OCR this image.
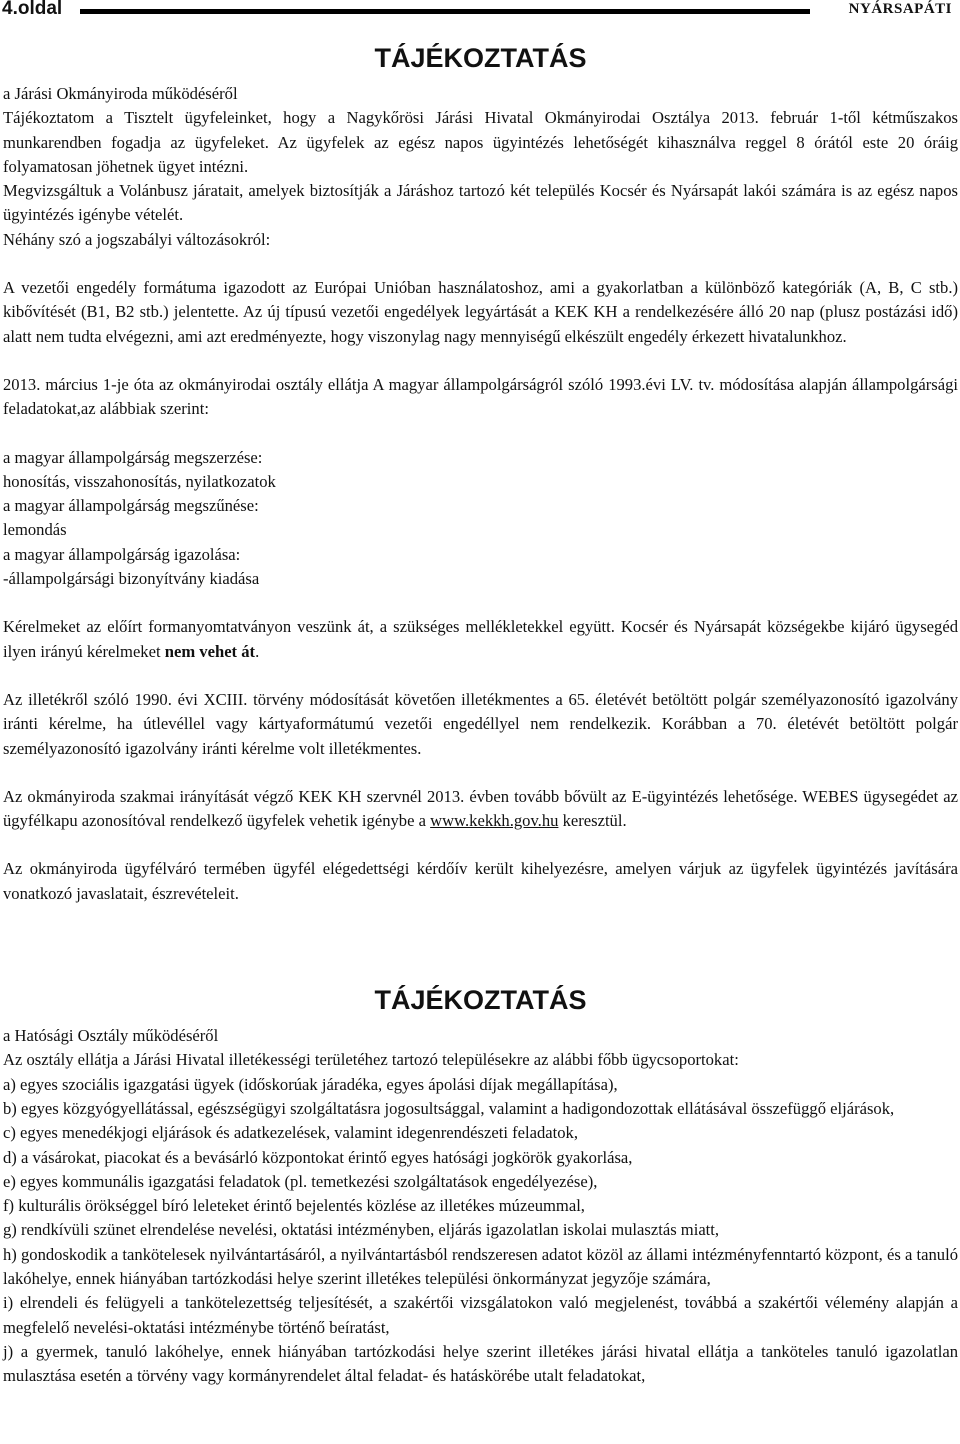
4.oldal	NYÁRSAPÁTI
TÁJÉKOZTATÁS

a Járási Okmányiroda működéséről

Tájékoztatom a Tisztelt ügyfeleinket, hogy a Nagykőrösi Járási Hivatal Okmányirodai Osztálya 2013. február 1-től kétműszakos munkarendben fogadja az ügyfeleket. Az ügyfelek az egész napos ügyintézés lehetőségét kihasználva reggel 8 órától este 20 óráig folyamatosan jöhetnek ügyet intézni.

Megvizsgáltuk a Volánbusz járatait, amelyek biztosítják a Járáshoz tartozó két település Kocsér és Nyársapát lakói számára is az egész napos ügyintézés igénybe vételét.

Néhány szó a jogszabályi változásokról:

A vezetői engedély formátuma igazodott az Európai Unióban használatoshoz, ami a gyakorlatban a különböző kategóriák (A, B, C stb.) kibővítését (B1, B2 stb.) jelentette. Az új típusú vezetői engedélyek legyártását a KEK KH a rendelkezésére álló 20 nap (plusz postázási idő) alatt nem tudta elvégezni, ami azt eredményezte, hogy viszonylag nagy mennyiségű elkészült engedély érkezett hivatalunkhoz.

2013. március 1-je óta az okmányirodai osztály ellátja A magyar állampolgárságról szóló 1993.évi LV. tv. módosítása alapján állampolgársági feladatokat,az alábbiak szerint:

a magyar állampolgárság megszerzése:
honosítás, visszahonosítás, nyilatkozatok
a magyar állampolgárság megszűnése:
lemondás
a magyar állampolgárság igazolása:
-állampolgársági bizonyítvány kiadása

Kérelmeket az előírt formanyomtatványon veszünk át, a szükséges mellékletekkel együtt. Kocsér és Nyársapát községekbe kijáró ügysegéd ilyen irányú kérelmeket nem vehet át.

Az illetékről szóló 1990. évi XCIII. törvény módosítását követően illetékmentes a 65. életévét betöltött polgár személyazonosító igazolvány iránti kérelme, ha útlevéllel vagy kártyaformátumú vezetői engedéllyel nem rendelkezik. Korábban a 70. életévét betöltött polgár személyazonosító igazolvány iránti kérelme volt illetékmentes.

Az okmányiroda szakmai irányítását végző KEK KH szervnél 2013. évben tovább bővült az E-ügyintézés lehetősége. WEBES ügysegédet az ügyfélkapu azonosítóval rendelkező ügyfelek vehetik igénybe a www.kekkh.gov.hu keresztül.

Az okmányiroda ügyfélváró termében ügyfél elégedettségi kérdőív került kihelyezésre, amelyen várjuk az ügyfelek ügyintézés javítására vonatkozó javaslatait, észrevételeit.

TÁJÉKOZTATÁS

a Hatósági Osztály működéséről

Az osztály ellátja a Járási Hivatal illetékességi területéhez tartozó településekre az alábbi főbb ügycsoportokat:

a) egyes szociális igazgatási ügyek (időskorúak járadéka, egyes ápolási díjak megállapítása),

b) egyes közgyógyellátással, egészségügyi szolgáltatásra jogosultsággal, valamint a hadigondozottak ellátásával összefüggő eljárások,

c) egyes menedékjogi eljárások és adatkezelések, valamint idegenrendészeti feladatok,

d) a vásárokat, piacokat és a bevásárló központokat érintő egyes hatósági jogkörök gyakorlása,

e) egyes kommunális igazgatási feladatok (pl. temetkezési szolgáltatások engedélyezése),

f) kulturális örökséggel bíró leleteket érintő bejelentés közlése az illetékes múzeummal,

g) rendkívüli szünet elrendelése nevelési, oktatási intézményben, eljárás igazolatlan iskolai mulasztás miatt,

h) gondoskodik a tankötelesek nyilvántartásáról, a nyilvántartásból rendszeresen adatot közöl az állami intézményfenntartó központ, és a tanuló lakóhelye, ennek hiányában tartózkodási helye szerint illetékes települési önkormányzat jegyzője számára,

i) elrendeli és felügyeli a tankötelezettség teljesítését, a szakértői vizsgálatokon való megjelenést, továbbá a szakértői vélemény alapján a megfelelő nevelési-oktatási intézménybe történő beíratást,

j) a gyermek, tanuló lakóhelye, ennek hiányában tartózkodási helye szerint illetékes járási hivatal ellátja a tanköteles tanuló igazolatlan mulasztása esetén a törvény vagy kormányrendelet által feladat- és hatáskörébe utalt feladatokat,
